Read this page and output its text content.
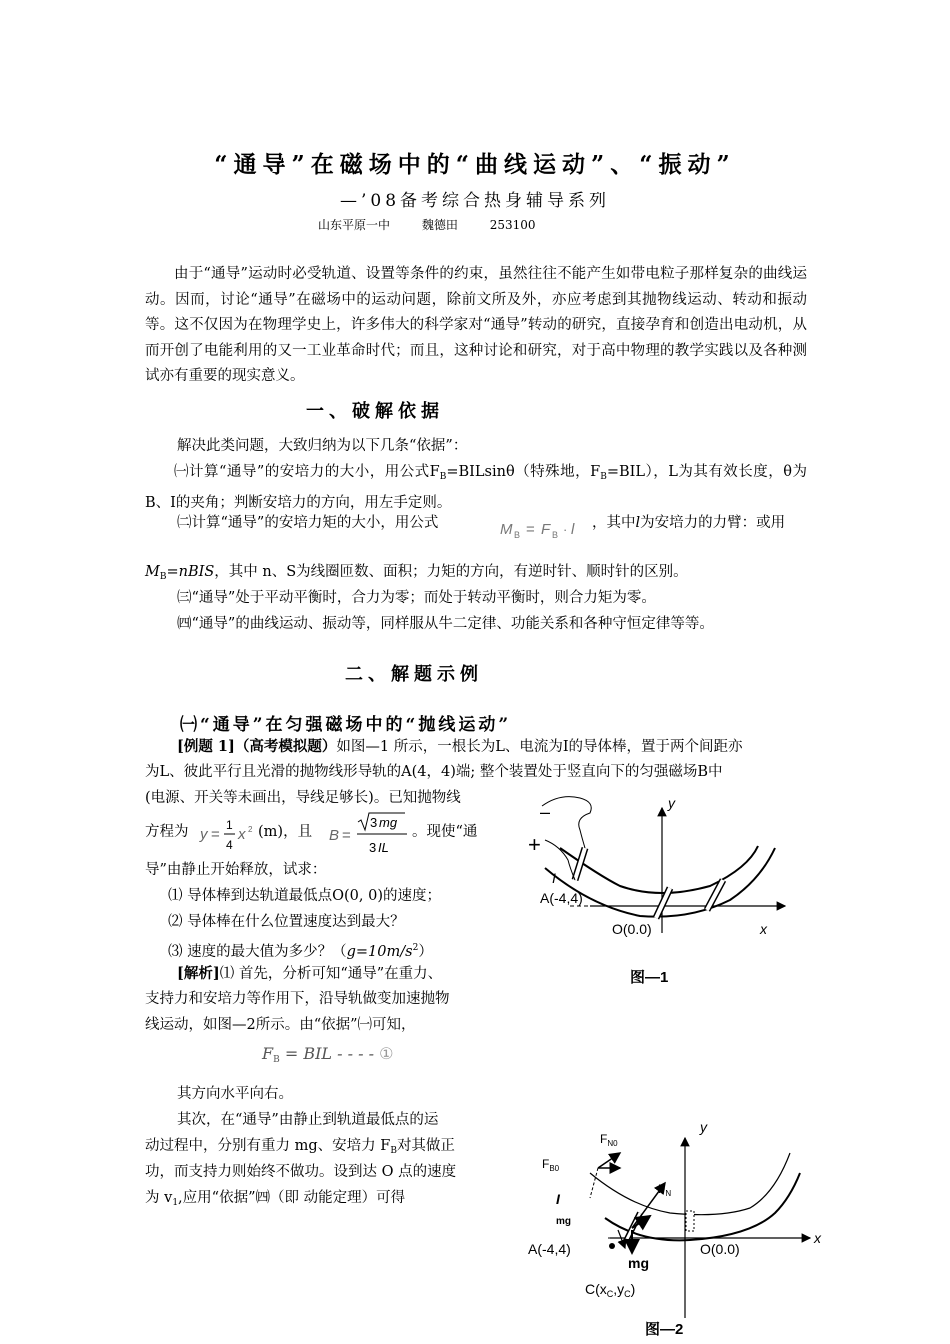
“通导”在磁场中的“曲线运动”、“振动”
—’08备考综合热身辅导系列
山东平原一中	魏德田	253100
由于“通导”运动时必受轨道、设置等条件的约束，虽然往往不能产生如带电粒子那样复杂的曲线运动。因而，讨论“通导”在磁场中的运动问题，除前文所及外，亦应考虑到其抛物线运动、转动和振动等。这不仅因为在物理学史上，许多伟大的科学家对“通导”转动的研究，直接孕育和创造出电动机，从而开创了电能利用的又一工业革命时代；而且，这种讨论和研究，对于高中物理的教学实践以及各种测试亦有重要的现实意义。
一、破解依据
解决此类问题，大致归纳为以下几条“依据”：
㈠计算“通导”的安培力的大小，用公式$F_B=BILsin\theta$（特殊地，$F_B=BIL$），L为其有效长度，θ为B、I的夹角；判断安培力的方向，用左手定则。
㈡计算“通导”的安培力矩的大小，用公式	M B = F B · l ，其中l为安培力的力臂：或用
$M_B=nBIS$，其中 n、S为线圈匝数、面积；力矩的方向，有逆时针、顺时针的区别。
㈢“通导”处于平动平衡时，合力为零；而处于转动平衡时，则合力矩为零。
㈣“通导”的曲线运动、振动等，同样服从牛二定律、功能关系和各种守恒定律等等。
二、解题示例
㈠“通导”在匀强磁场中的“抛线运动”
[例题 1]（高考模拟题）如图—1 所示，一根长为L、电流为I的导体棒，置于两个间距亦
为L、彼此平行且光滑的抛物线形导轨的A(4，4)端; 整个装置处于竖直向下的匀强磁场B中
(电源、开关等未画出，导线足够长)。已知抛物线
方程为 y =
1
4
x 2 (m)，且 B =
3 mg
3 IL
。现使“通
导”由静止开始释放，试求：
⑴ 导体棒到达轨道最低点O(0, 0)的速度；
⑵ 导体棒在什么位置速度达到最大？
⑶ 速度的最大值为多少？$(g=10m/s^2)$
[解析]⑴ 首先，分析可知“通导”在重力、
支持力和安培力等作用下，沿导轨做变加速抛物
线运动，如图—2所示。由“依据”㈠可知，
$F_B$ = BIL - - - - ①
其方向水平向右。
其次，在“通导”由静止到轨道最低点的运
动过程中，分别有重力 mg、安培力 $F_B$对其做正
功，而支持力则始终不做功。设到达 O 点的速度
为 $v_1$,应用“依据”㈣（即 动能定理）可得
–
+
I
y
x
A(-4,4)
O(0.0)
图—1
$F_{N0}$
$F_{B0}$
$F_N$
I
mg
mg
y
x
A(-4,4)	O(0.0)
$C(x_C,y_C)$
图—2
